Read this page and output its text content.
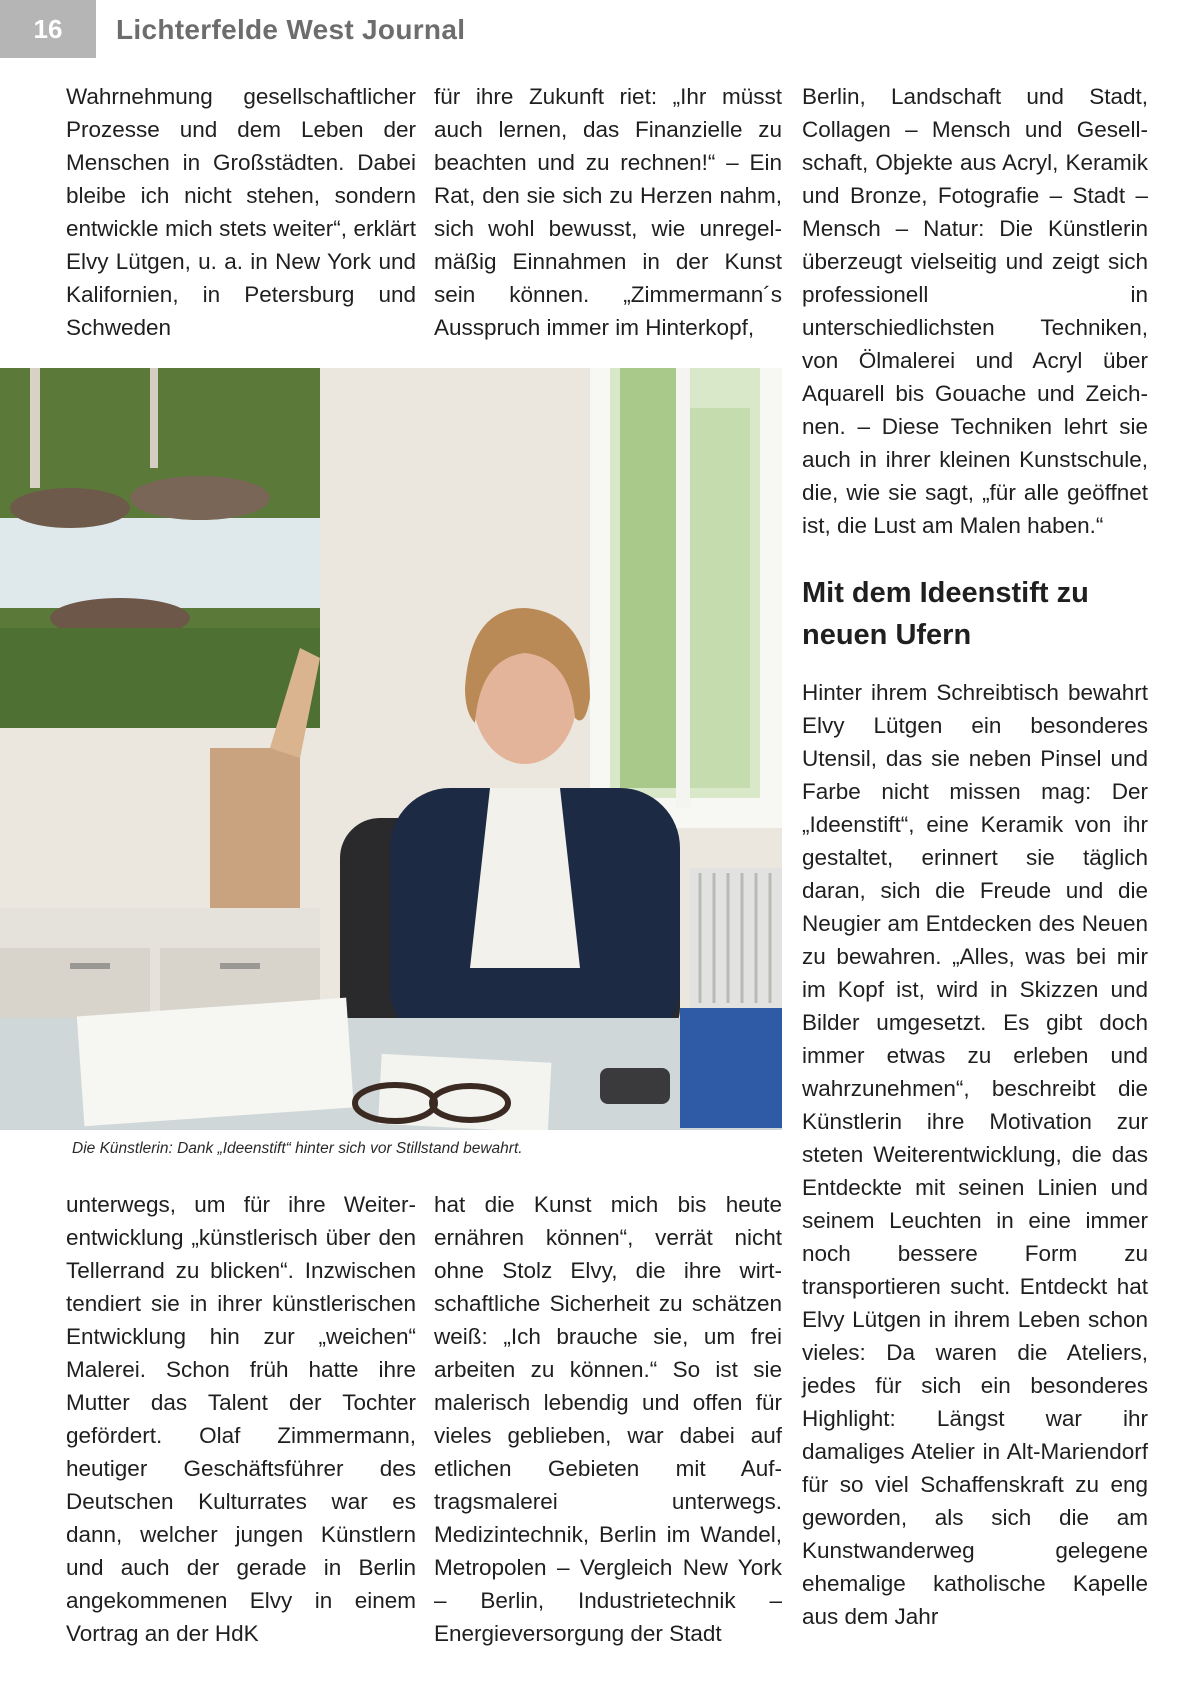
16	Lichterfelde West Journal

Wahrnehmung gesellschaftlicher Prozesse und dem Leben der Menschen in Großstädten. Dabei bleibe ich nicht stehen, sondern entwickle mich stets weiter“, erklärt Elvy Lütgen, u. a. in New York und Kalifornien, in Petersburg und Schweden

für ihre Zukunft riet: „Ihr müsst auch lernen, das Finanzielle zu beachten und zu rechnen!“ – Ein Rat, den sie sich zu Herzen nahm, sich wohl bewusst, wie unregelmäßig Einnahmen in der Kunst sein können. „Zimmermann´s Ausspruch immer im Hinterkopf,

Berlin, Landschaft und Stadt, Collagen – Mensch und Gesellschaft, Objekte aus Acryl, Keramik und Bronze, Fotografie – Stadt – Mensch – Natur: Die Künstlerin überzeugt vielseitig und zeigt sich professionell in unterschiedlichsten Techniken, von Ölmalerei und Acryl über Aquarell bis Gouache und Zeichnen. – Diese Techniken lehrt sie auch in ihrer kleinen Kunstschule, die, wie sie sagt, „für alle geöffnet ist, die Lust am Malen haben.“

Mit dem Ideenstift zu neuen Ufern

Hinter ihrem Schreibtisch bewahrt Elvy Lütgen ein besonderes Utensil, das sie neben Pinsel und Farbe nicht missen mag: Der „Ideenstift“, eine Keramik von ihr gestaltet, erinnert sie täglich daran, sich die Freude und die Neugier am Entdecken des Neuen zu bewahren. „Alles, was bei mir im Kopf ist, wird in Skizzen und Bilder umgesetzt. Es gibt doch immer etwas zu erleben und wahrzunehmen“, beschreibt die Künstlerin ihre Motivation zur steten Weiterentwicklung, die das Entdeckte mit seinen Linien und seinem Leuchten in eine immer noch bessere Form zu transportieren sucht. Entdeckt hat Elvy Lütgen in ihrem Leben schon vieles: Da waren die Ateliers, jedes für sich ein besonderes Highlight: Längst war ihr damaliges Atelier in Alt-Mariendorf für so viel Schaffenskraft zu eng geworden, als sich die am Kunstwanderweg gelegene ehemalige katholische Kapelle aus dem Jahr

Die Künstlerin: Dank „Ideenstift“ hinter sich vor Stillstand bewahrt.

unterwegs, um für ihre Weiterentwicklung „künstlerisch über den Tellerrand zu blicken“. Inzwischen tendiert sie in ihrer künstlerischen Entwicklung hin zur „weichen“ Malerei. Schon früh hatte ihre Mutter das Talent der Tochter gefördert. Olaf Zimmermann, heutiger Geschäftsführer des Deutschen Kulturrates war es dann, welcher jungen Künstlern und auch der gerade in Berlin angekommenen Elvy in einem Vortrag an der HdK

hat die Kunst mich bis heute ernähren können“, verrät nicht ohne Stolz Elvy, die ihre wirtschaftliche Sicherheit zu schätzen weiß: „Ich brauche sie, um frei arbeiten zu können.“ So ist sie malerisch lebendig und offen für vieles geblieben, war dabei auf etlichen Gebieten mit Auftragsmalerei unterwegs. Medizintechnik, Berlin im Wandel, Metropolen – Vergleich New York – Berlin, Industrietechnik – Energieversorgung der Stadt
